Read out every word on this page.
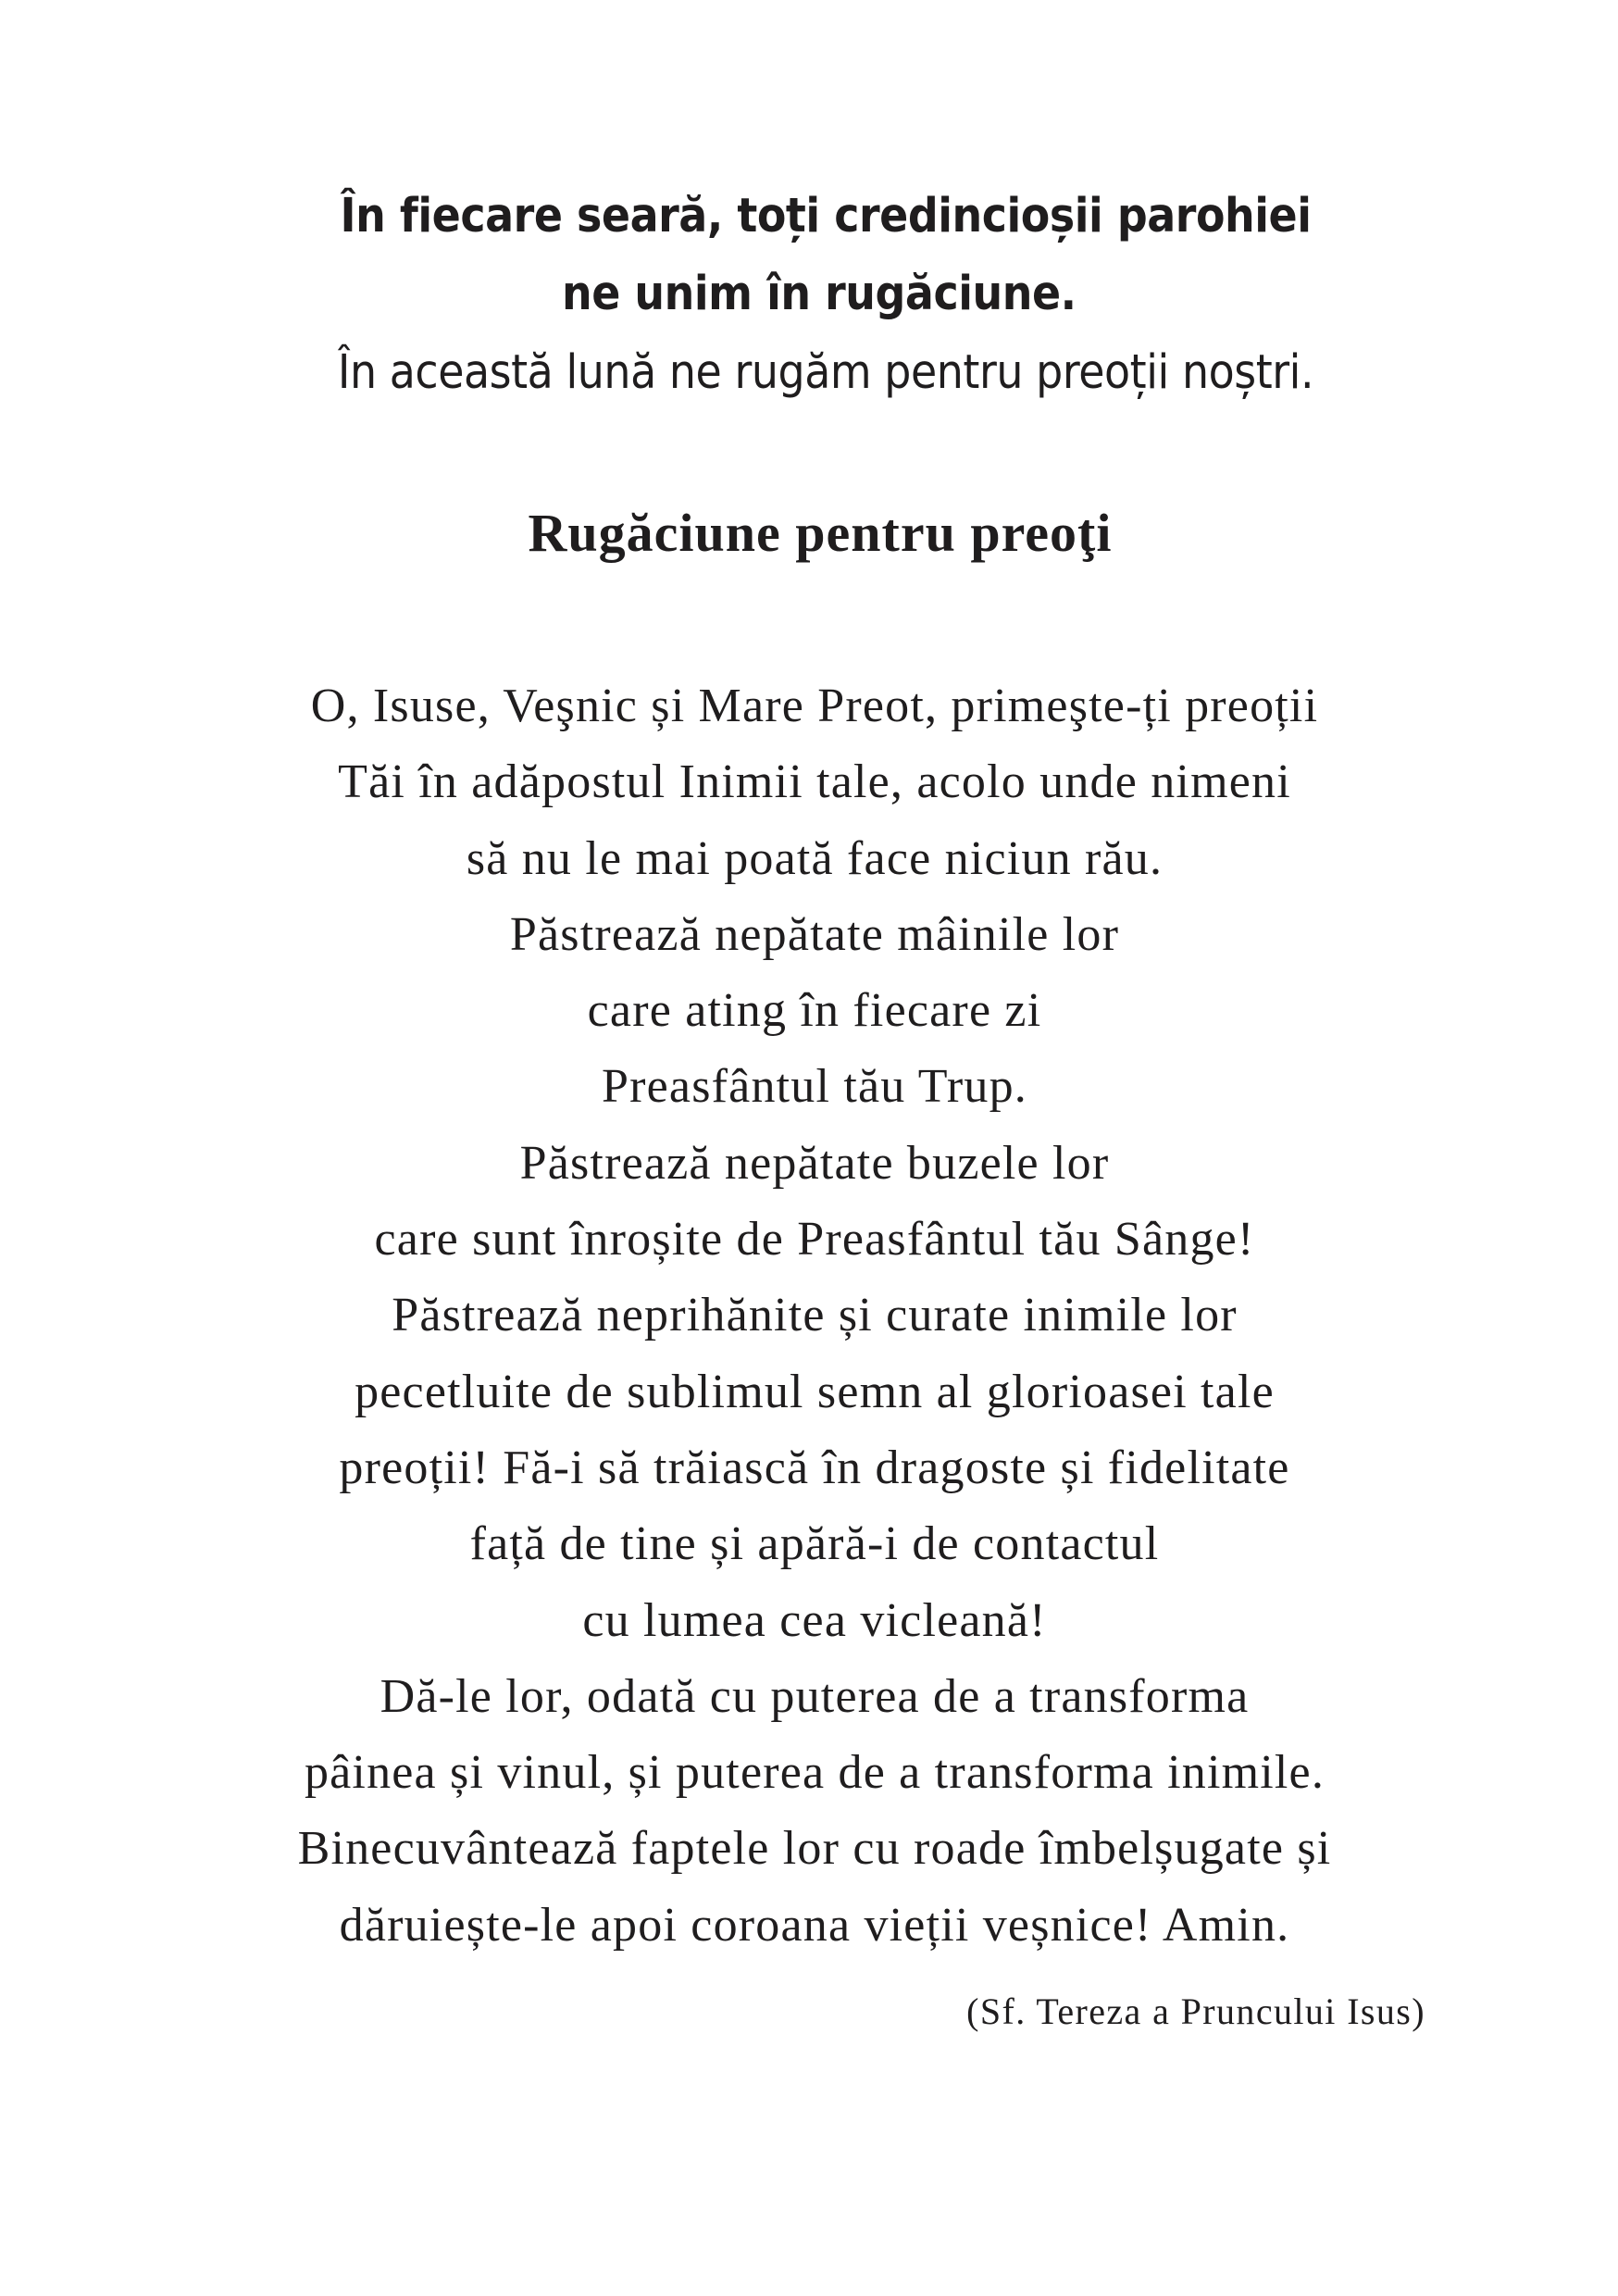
În fiecare seară, toți credincioșii parohiei
ne unim în rugăciune.
În această lună ne rugăm pentru preoții noștri.
Rugăciune pentru preoţi
O, Isuse, Veşnic și Mare Preot, primeşte-ți preoții
Tăi în adăpostul Inimii tale, acolo unde nimeni
să nu le mai poată face niciun rău.
Păstrează nepătate mâinile lor
care ating în fiecare zi
Preasfântul tău Trup.
Păstrează nepătate buzele lor
care sunt înroșite de Preasfântul tău Sânge!
Păstrează neprihănite și curate inimile lor
pecetluite de sublimul semn al glorioasei tale
preoții! Fă-i să trăiască în dragoste și fidelitate
față de tine și apără-i de contactul
cu lumea cea vicleană!
Dă-le lor, odată cu puterea de a transforma
pâinea și vinul, și puterea de a transforma inimile.
Binecuvântează faptele lor cu roade îmbelșugate și
dăruiește-le apoi coroana vieții veșnice! Amin.
(Sf. Tereza a Pruncului Isus)
